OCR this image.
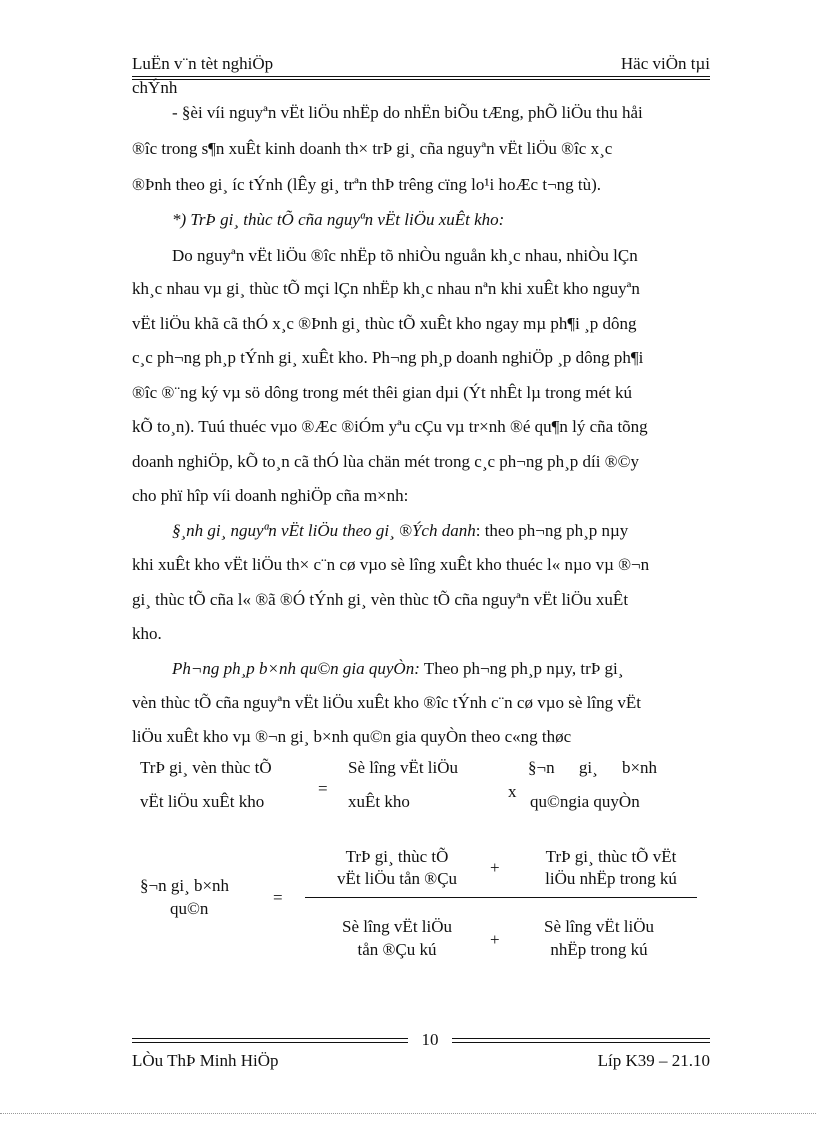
LuËn v¨n tèt nghiÖp	Häc viÖn tµi
chÝnh
- §èi víi nguyªn vËt liÖu nhËp do nhËn biÕu tÆng, phÕ liÖu thu håi
®îc trong s¶n xuÊt kinh doanh th× trÞ gi¸ cña nguyªn vËt liÖu ®îc x¸c
®Þnh theo gi¸ íc tÝnh (lÊy gi¸ trªn thÞ trêng cïng lo¹i hoÆc t¬ng tù).
*) TrÞ gi¸ thùc tÕ cña nguyªn vËt liÖu xuÊt kho:
Do nguyªn vËt liÖu ®îc nhËp tõ nhiÒu nguån kh¸c nhau, nhiÒu lÇn
kh¸c nhau vµ gi¸ thùc tÕ mçi lÇn nhËp kh¸c nhau nªn khi xuÊt kho nguyªn
vËt liÖu khã cã thÓ x¸c ®Þnh gi¸ thùc tÕ xuÊt kho ngay mµ ph¶i ¸p dông
c¸c ph¬ng ph¸p tÝnh gi¸ xuÊt kho. Ph¬ng ph¸p doanh nghiÖp ¸p dông ph¶i
®îc ®¨ng ký vµ sö dông trong mét thêi gian dµi (Ýt nhÊt lµ trong mét kú
kÕ to¸n). Tuú thuéc vµo ®Æc ®iÓm yªu cÇu vµ tr×nh ®é qu¶n lý cña tõng
doanh nghiÖp, kÕ to¸n cã thÓ lùa chän mét trong c¸c ph¬ng ph¸p díi ®©y
cho phï hîp víi doanh nghiÖp cña m×nh:
§¸nh gi¸ nguyªn vËt liÖu theo gi¸ ®Ých danh: theo ph¬ng ph¸p nµy
khi xuÊt kho vËt liÖu th× c¨n cø vµo sè lîng xuÊt kho thuéc l« nµo vµ ®¬n
gi¸ thùc tÕ cña l« ®ã ®Ó tÝnh gi¸ vèn thùc tÕ cña nguyªn vËt liÖu xuÊt
kho.
Ph¬ng ph¸p b×nh qu©n gia quyÒn: Theo ph¬ng ph¸p nµy, trÞ gi¸
vèn thùc tÕ cña nguyªn vËt liÖu xuÊt kho ®îc tÝnh c¨n cø vµo sè lîng vËt
liÖu xuÊt kho vµ ®¬n gi¸ b×nh qu©n gia quyÒn theo c«ng thøc
TrÞ gi¸ vèn thùc tÕ
vËt liÖu xuÊt kho
=
Sè lîng vËt liÖu
xuÊt kho
x
§¬n gi¸ b×nh
qu©ngia quyÒn
§¬n gi¸ b×nh
qu©n
=
TrÞ gi¸ thùc tÕ
vËt liÖu tån ®Çu
+
TrÞ gi¸ thùc tÕ vËt
liÖu nhËp trong kú
Sè lîng vËt liÖu
tån ®Çu kú
+
Sè lîng vËt liÖu
nhËp trong kú
10
LÒu ThÞ Minh HiÖp	Líp K39 – 21.10
